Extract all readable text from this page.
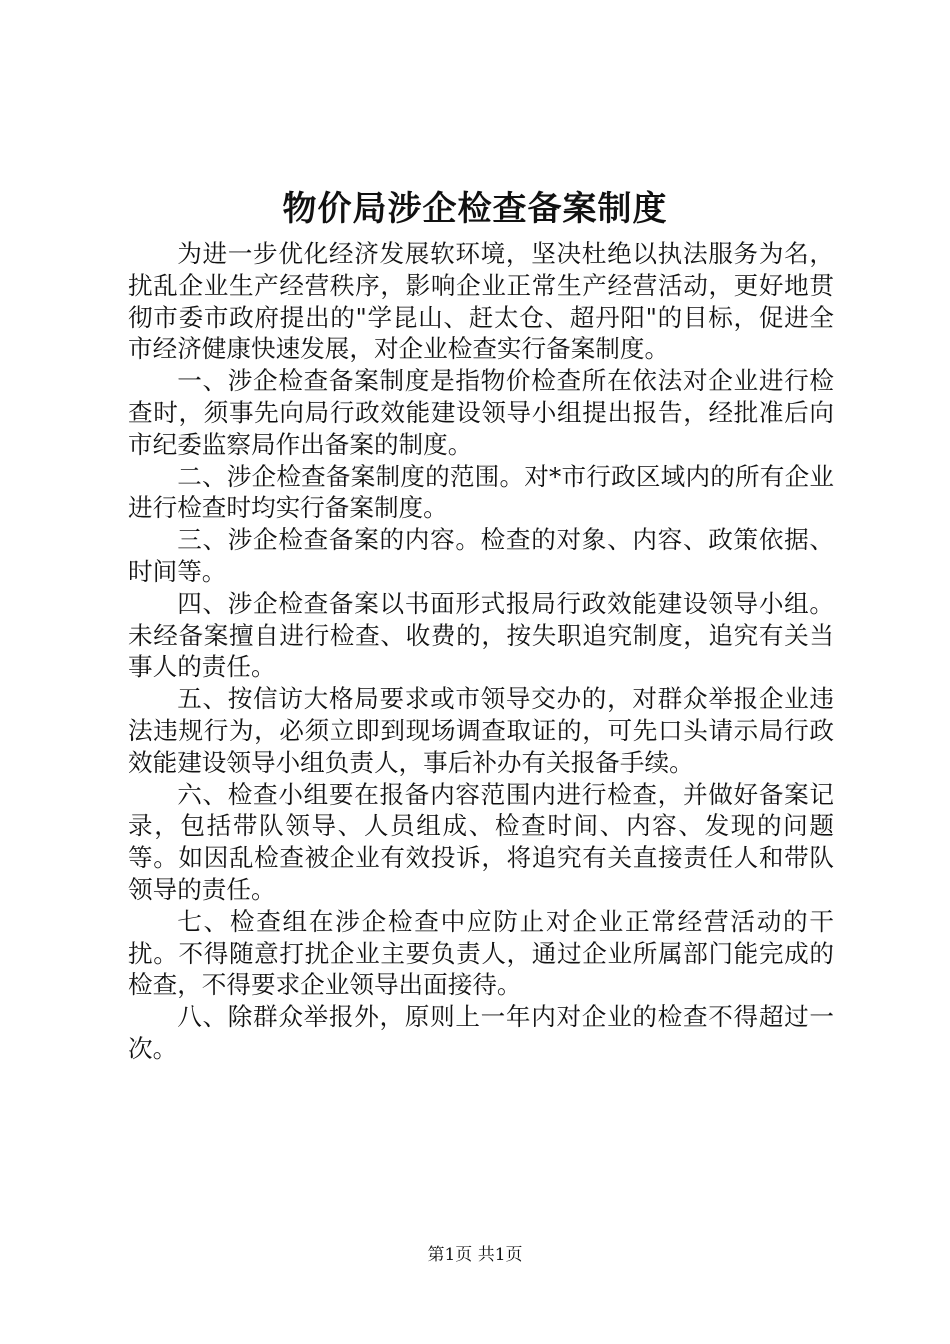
物价局涉企检查备案制度

为进一步优化经济发展软环境，坚决杜绝以执法服务为名，扰乱企业生产经营秩序，影响企业正常生产经营活动，更好地贯彻市委市政府提出的"学昆山、赶太仓、超丹阳"的目标，促进全市经济健康快速发展，对企业检查实行备案制度。

一、涉企检查备案制度是指物价检查所在依法对企业进行检查时，须事先向局行政效能建设领导小组提出报告，经批准后向市纪委监察局作出备案的制度。

二、涉企检查备案制度的范围。对*市行政区域内的所有企业进行检查时均实行备案制度。

三、涉企检查备案的内容。检查的对象、内容、政策依据、时间等。

四、涉企检查备案以书面形式报局行政效能建设领导小组。未经备案擅自进行检查、收费的，按失职追究制度，追究有关当事人的责任。

五、按信访大格局要求或市领导交办的，对群众举报企业违法违规行为，必须立即到现场调查取证的，可先口头请示局行政效能建设领导小组负责人，事后补办有关报备手续。

六、检查小组要在报备内容范围内进行检查，并做好备案记录，包括带队领导、人员组成、检查时间、内容、发现的问题等。如因乱检查被企业有效投诉，将追究有关直接责任人和带队领导的责任。

七、检查组在涉企检查中应防止对企业正常经营活动的干扰。不得随意打扰企业主要负责人，通过企业所属部门能完成的检查，不得要求企业领导出面接待。

八、除群众举报外，原则上一年内对企业的检查不得超过一次。

第1页 共1页
